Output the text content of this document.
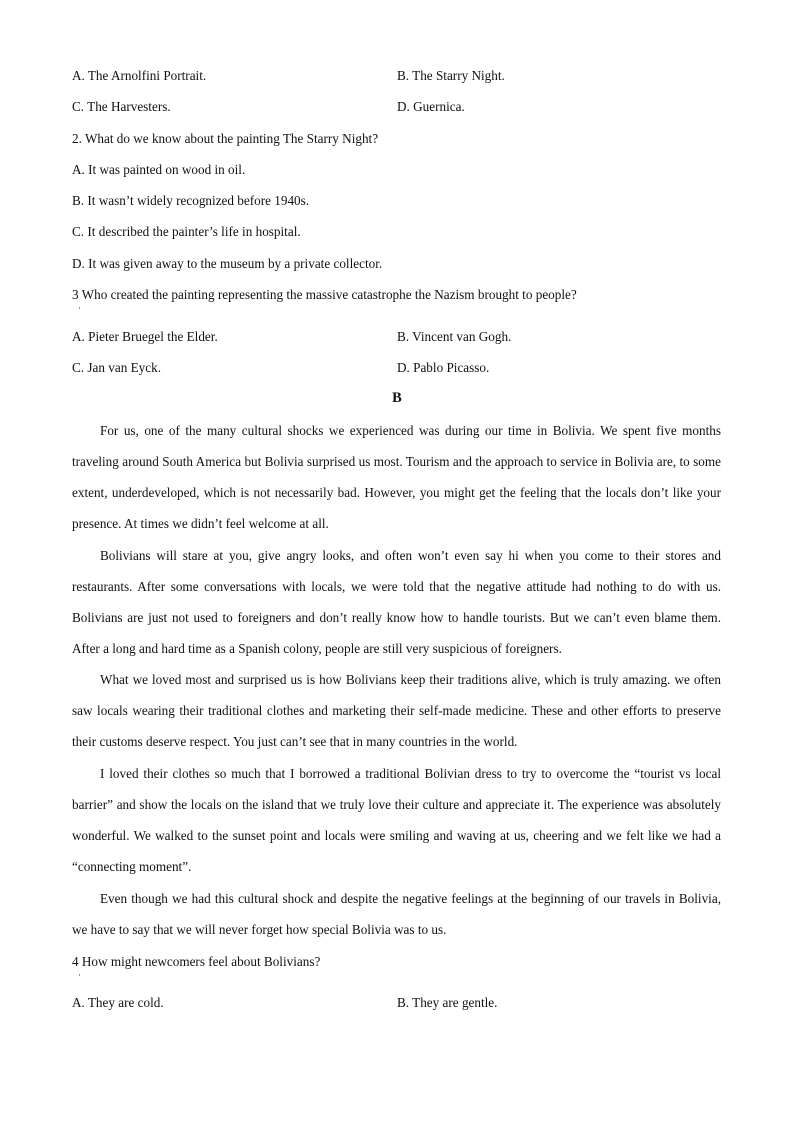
A. The Arnolfini Portrait.	B. The Starry Night.
C. The Harvesters.	D. Guernica.
2. What do we know about the painting The Starry Night?
A. It was painted on wood in oil.
B. It wasn’t widely recognized before 1940s.
C. It described the painter’s life in hospital.
D. It was given away to the museum by a private collector.
3 Who created the painting representing the massive catastrophe the Nazism brought to people?
·
A. Pieter Bruegel the Elder.	B. Vincent van Gogh.
C. Jan van Eyck.	D. Pablo Picasso.
B
For us, one of the many cultural shocks we experienced was during our time in Bolivia. We spent five months traveling around South America but Bolivia surprised us most. Tourism and the approach to service in Bolivia are, to some extent, underdeveloped, which is not necessarily bad. However, you might get the feeling that the locals don’t like your presence. At times we didn’t feel welcome at all.
Bolivians will stare at you, give angry looks, and often won’t even say hi when you come to their stores and restaurants. After some conversations with locals, we were told that the negative attitude had nothing to do with us. Bolivians are just not used to foreigners and don’t really know how to handle tourists. But we can’t even blame them. After a long and hard time as a Spanish colony, people are still very suspicious of foreigners.
What we loved most and surprised us is how Bolivians keep their traditions alive, which is truly amazing. we often saw locals wearing their traditional clothes and marketing their self-made medicine. These and other efforts to preserve their customs deserve respect. You just can’t see that in many countries in the world.
I loved their clothes so much that I borrowed a traditional Bolivian dress to try to overcome the “tourist vs local barrier” and show the locals on the island that we truly love their culture and appreciate it. The experience was absolutely wonderful. We walked to the sunset point and locals were smiling and waving at us, cheering and we felt like we had a “connecting moment”.
Even though we had this cultural shock and despite the negative feelings at the beginning of our travels in Bolivia, we have to say that we will never forget how special Bolivia was to us.
4 How might newcomers feel about Bolivians?
·
A. They are cold.	B. They are gentle.
